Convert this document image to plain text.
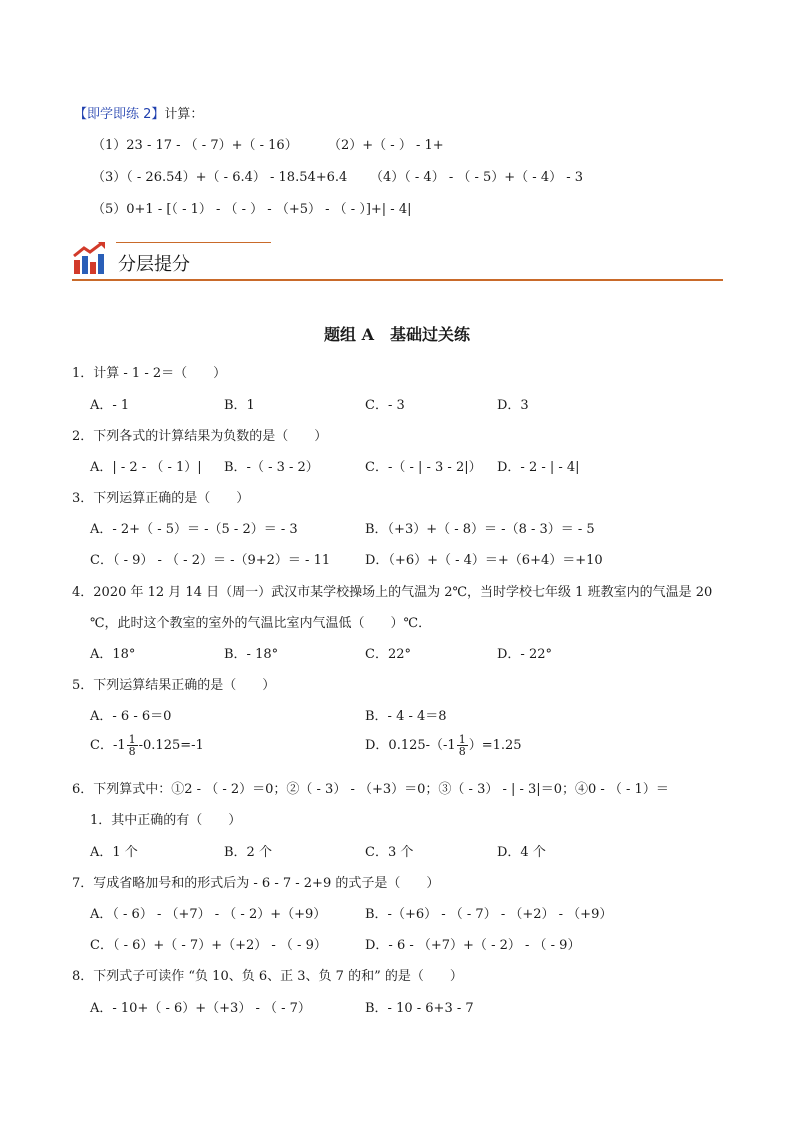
【即学即练 2】计算：
（1）23 - 17 - （ - 7）+（ - 16） （2）+（ - ） - 1+
（3）（ - 26.54）+（ - 6.4） - 18.54+6.4 （4）（ - 4） - （ - 5）+（ - 4） - 3
（5）0+1 - [（ - 1） - （ - ） - （+5） - （ - ）]+| - 4|
分层提分
题组 A　基础过关练
1．计算 - 1 - 2＝（　　）
A．- 1	B．1	C．- 3	D．3
2．下列各式的计算结果为负数的是（　　）
A．| - 2 - （ - 1）| B．-（ - 3 - 2）	C．-（ - | - 3 - 2|） D．- 2 - | - 4|
3．下列运算正确的是（　　）
A．- 2+（ - 5）＝ -（5 - 2）＝ - 3	B．（+3）+（ - 8）＝ -（8 - 3）＝ - 5
C．（ - 9） - （ - 2）＝ -（9+2）＝ - 11	D．（+6）+（ - 4）＝+（6+4）＝+10
4．2020 年 12 月 14 日（周一）武汉市某学校操场上的气温为 2℃，当时学校七年级 1 班教室内的气温是 20
℃，此时这个教室的室外的气温比室内气温低（　　）℃．
A．18°	B．- 18°	C．22°	D．- 22°
5．下列运算结果正确的是（　　）
A．- 6 - 6＝0	B．- 4 - 4＝8
C．$-1 \frac{1}{8} -0.125=-1$	D．$0.125-(-1 \frac{1}{8} )=1.25$
6．下列算式中：①2 - （ - 2）＝0；②（ - 3） - （+3）＝0；③（ - 3） - | - 3|＝0；④0 - （ - 1）＝
1．其中正确的有（　　）
A．1 个	B．2 个	C．3 个	D．4 个
7．写成省略加号和的形式后为 - 6 - 7 - 2+9 的式子是（　　）
A．（ - 6） - （+7） - （ - 2）+（+9）	B．-（+6） - （ - 7） - （+2） - （+9）
C．（ - 6）+（ - 7）+（+2） - （ - 9）	D．- 6 - （+7）+（ - 2） - （ - 9）
8．下列式子可读作 “负 10、负 6、正 3、负 7 的和” 的是（　　）
A．- 10+（ - 6）+（+3） - （ - 7）	B．- 10 - 6+3 - 7
